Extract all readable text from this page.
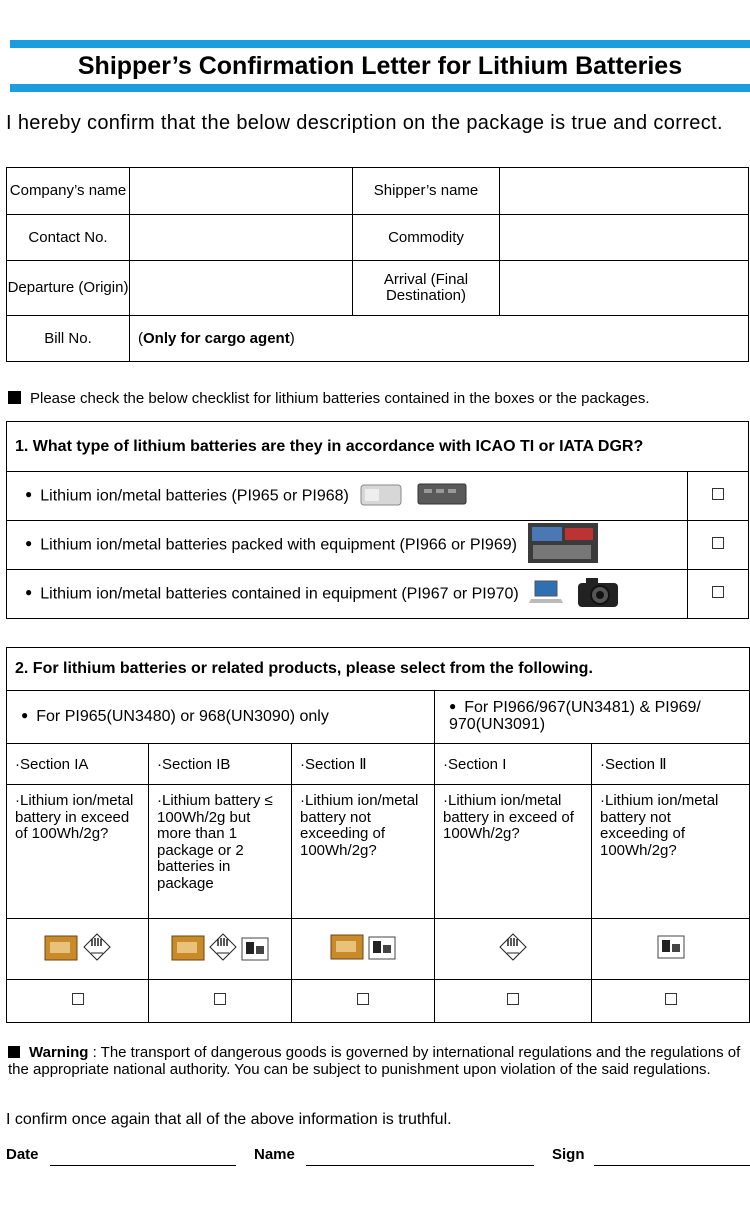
Shipper’s Confirmation Letter for Lithium Batteries
I hereby confirm that the below description on the package is true and correct.
Company’s name		Shipper’s name	
Contact No.		Commodity	
Departure (Origin)		Arrival (Final Destination)	
Bill No.	(Only for cargo agent)		
Please check the below checklist for lithium batteries contained in the boxes or the packages.
1. What type of lithium batteries are they in accordance with ICAO TI or IATA DGR?	
● Lithium ion/metal batteries (PI965 or PI968)	
● Lithium ion/metal batteries packed with equipment (PI966 or PI969)	
● Lithium ion/metal batteries contained in equipment (PI967 or PI970)	
2. For lithium batteries or related products, please select from the following.				
● For PI965(UN3480) or 968(UN3090) only			● For PI966/967(UN3481) & PI969/ 970(UN3091)	
·Section IA	·Section IB	·Section Ⅱ	·Section I	·Section Ⅱ
·Lithium ion/metal battery in exceed of 100Wh/2g?	·Lithium battery ≤ 100Wh/2g but more than 1 package or 2 batteries in package	·Lithium ion/metal battery not exceeding of 100Wh/2g?	·Lithium ion/metal battery in exceed of 100Wh/2g?	·Lithium ion/metal battery not exceeding of 100Wh/2g?

Warning : The transport of dangerous goods is governed by international regulations and the regulations of the appropriate national authority. You can be subject to punishment upon violation of the said regulations.
I confirm once again that all of the above information is truthful.
Date	Name	Sign
